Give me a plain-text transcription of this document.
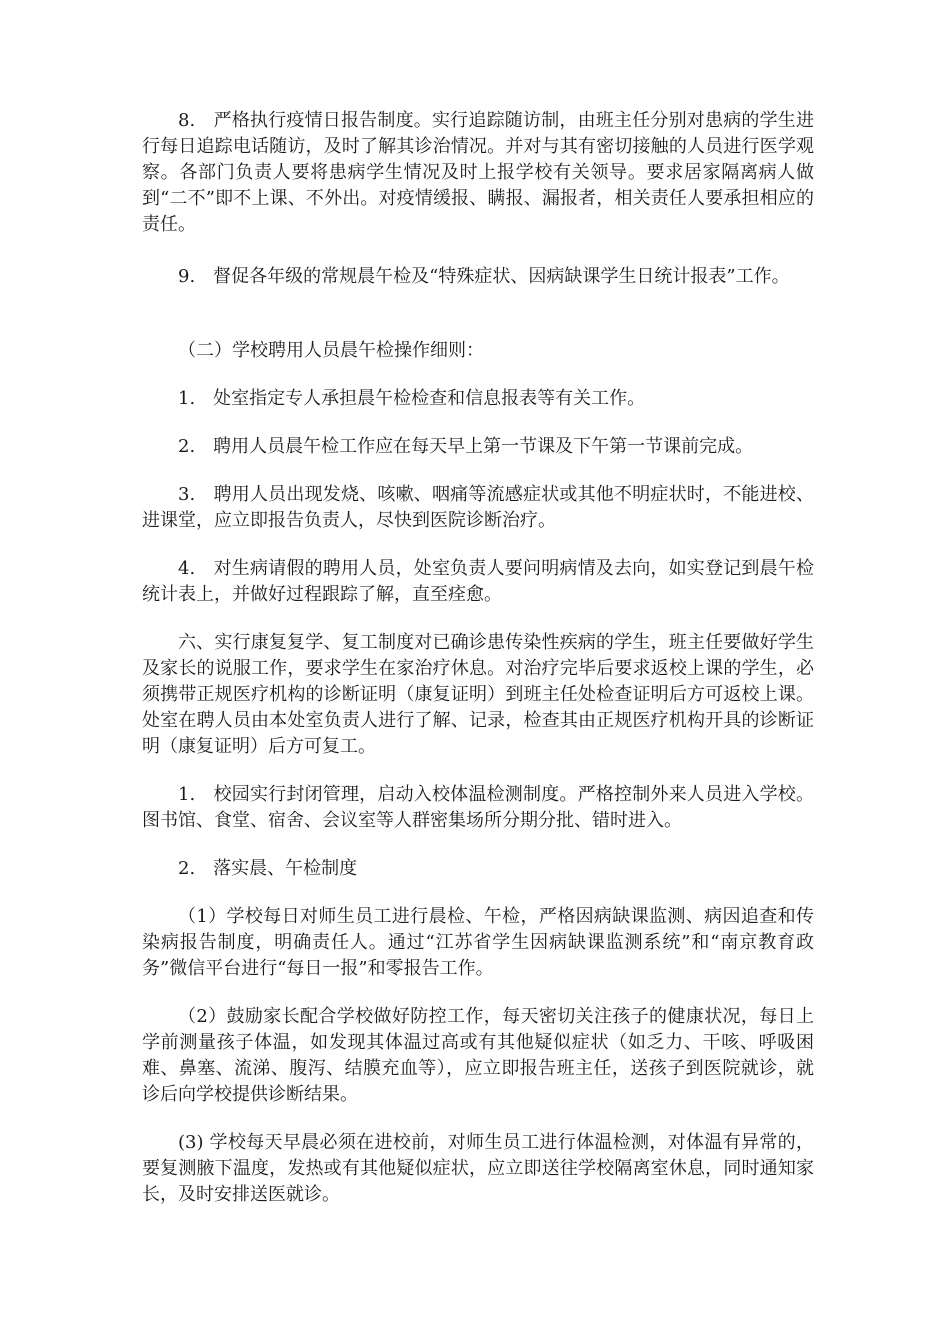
8.　严格执行疫情日报告制度。实行追踪随访制，由班主任分别对患病的学生进行每日追踪电话随访，及时了解其诊治情况。并对与其有密切接触的人员进行医学观察。各部门负责人要将患病学生情况及时上报学校有关领导。要求居家隔离病人做到“二不”即不上课、不外出。对疫情缓报、瞒报、漏报者，相关责任人要承担相应的责任。

9.　督促各年级的常规晨午检及“特殊症状、因病缺课学生日统计报表”工作。

（二）学校聘用人员晨午检操作细则：

1.　处室指定专人承担晨午检检查和信息报表等有关工作。

2.　聘用人员晨午检工作应在每天早上第一节课及下午第一节课前完成。

3.　聘用人员出现发烧、咳嗽、咽痛等流感症状或其他不明症状时，不能进校、进课堂，应立即报告负责人，尽快到医院诊断治疗。

4.　对生病请假的聘用人员，处室负责人要问明病情及去向，如实登记到晨午检统计表上，并做好过程跟踪了解，直至痊愈。

六、实行康复复学、复工制度对已确诊患传染性疾病的学生，班主任要做好学生及家长的说服工作，要求学生在家治疗休息。对治疗完毕后要求返校上课的学生，必须携带正规医疗机构的诊断证明（康复证明）到班主任处检查证明后方可返校上课。处室在聘人员由本处室负责人进行了解、记录，检查其由正规医疗机构开具的诊断证明（康复证明）后方可复工。

1.　校园实行封闭管理，启动入校体温检测制度。严格控制外来人员进入学校。图书馆、食堂、宿舍、会议室等人群密集场所分期分批、错时进入。

2.　落实晨、午检制度

（1）学校每日对师生员工进行晨检、午检，严格因病缺课监测、病因追查和传染病报告制度，明确责任人。通过“江苏省学生因病缺课监测系统”和“南京教育政务”微信平台进行“每日一报”和零报告工作。

（2）鼓励家长配合学校做好防控工作，每天密切关注孩子的健康状况，每日上学前测量孩子体温，如发现其体温过高或有其他疑似症状（如乏力、干咳、呼吸困难、鼻塞、流涕、腹泻、结膜充血等），应立即报告班主任，送孩子到医院就诊，就诊后向学校提供诊断结果。

(3) 学校每天早晨必须在进校前，对师生员工进行体温检测，对体温有异常的，要复测腋下温度，发热或有其他疑似症状，应立即送往学校隔离室休息，同时通知家长，及时安排送医就诊。
